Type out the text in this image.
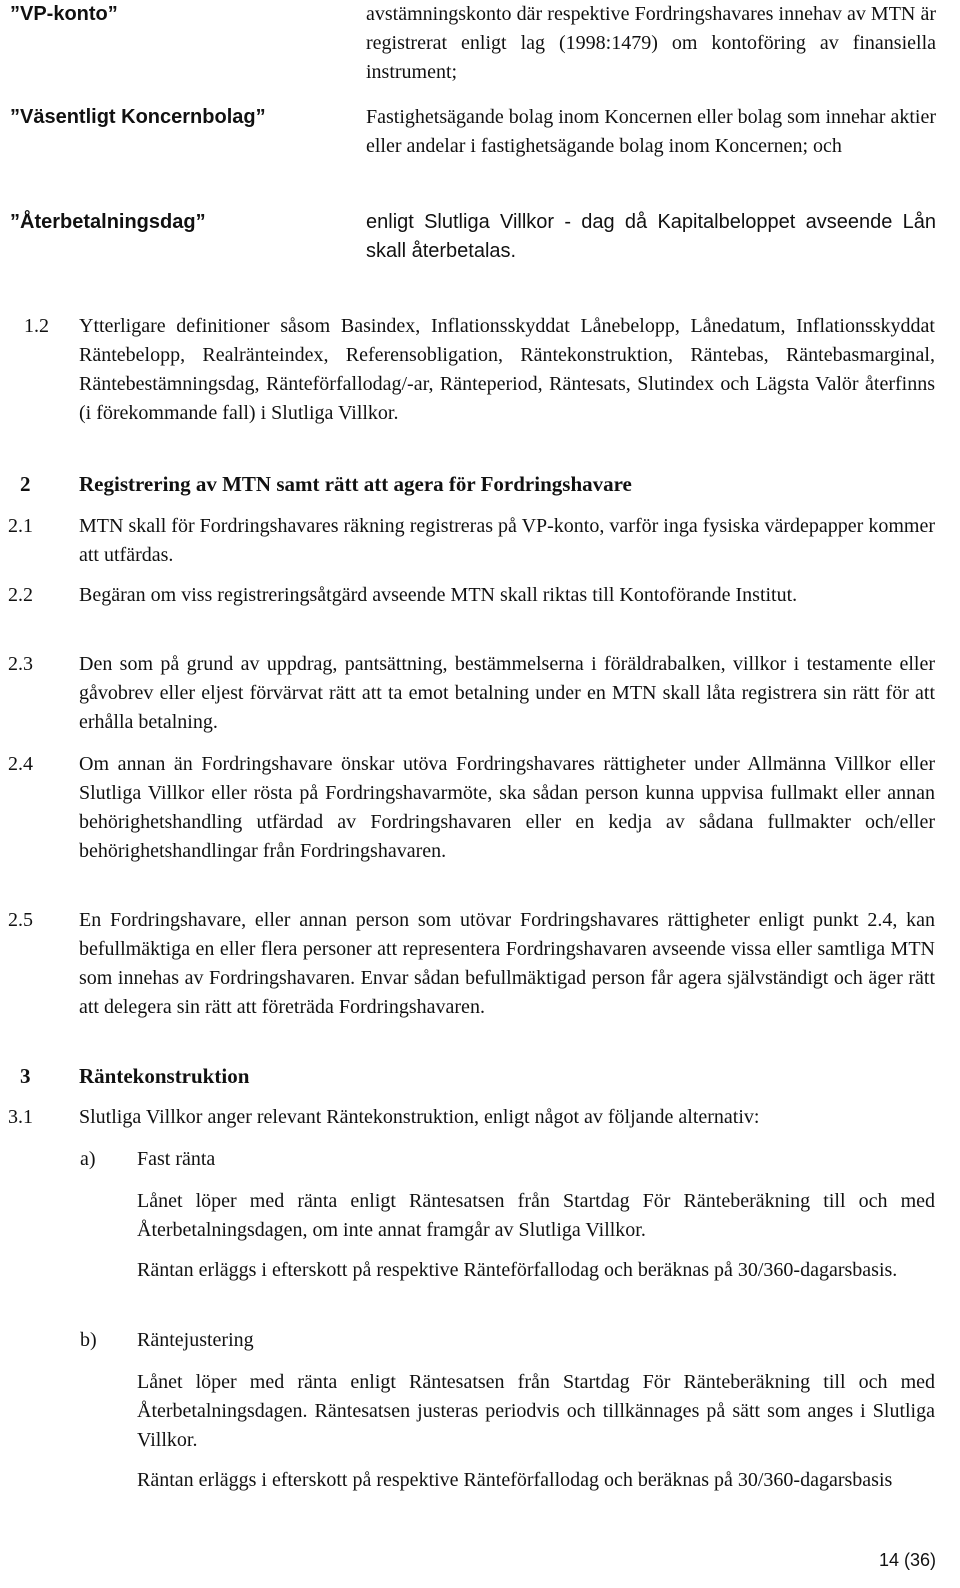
”VP-konto”	avstämningskonto där respektive Fordringshavares innehav av MTN är registrerat enligt lag (1998:1479) om kontoföring av finansiella instrument;
”Väsentligt Koncernbolag”	Fastighetsägande bolag inom Koncernen eller bolag som innehar aktier eller andelar i fastighetsägande bolag inom Koncernen; och
”Återbetalningsdag”	enligt Slutliga Villkor - dag då Kapitalbeloppet avseende Lån skall återbetalas.
1.2 Ytterligare definitioner såsom Basindex, Inflationsskyddat Lånebelopp, Lånedatum, Inflationsskyddat Räntebelopp, Realränteindex, Referensobligation, Räntekonstruktion, Räntebas, Räntebasmarginal, Räntebestämningsdag, Ränteförfallodag/-ar, Ränteperiod, Räntesats, Slutindex och Lägsta Valör återfinns (i förekommande fall) i Slutliga Villkor.
2 Registrering av MTN samt rätt att agera för Fordringshavare
2.1 MTN skall för Fordringshavares räkning registreras på VP-konto, varför inga fysiska värdepapper kommer att utfärdas.
2.2 Begäran om viss registreringsåtgärd avseende MTN skall riktas till Kontoförande Institut.
2.3 Den som på grund av uppdrag, pantsättning, bestämmelserna i föräldrabalken, villkor i testamente eller gåvobrev eller eljest förvärvat rätt att ta emot betalning under en MTN skall låta registrera sin rätt för att erhålla betalning.
2.4 Om annan än Fordringshavare önskar utöva Fordringshavares rättigheter under Allmänna Villkor eller Slutliga Villkor eller rösta på Fordringshavarmöte, ska sådan person kunna uppvisa fullmakt eller annan behörighetshandling utfärdad av Fordringshavaren eller en kedja av sådana fullmakter och/eller behörighetshandlingar från Fordringshavaren.
2.5 En Fordringshavare, eller annan person som utövar Fordringshavares rättigheter enligt punkt 2.4, kan befullmäktiga en eller flera personer att representera Fordringshavaren avseende vissa eller samtliga MTN som innehas av Fordringshavaren. Envar sådan befullmäktigad person får agera självständigt och äger rätt att delegera sin rätt att företräda Fordringshavaren.
3 Räntekonstruktion
3.1 Slutliga Villkor anger relevant Räntekonstruktion, enligt något av följande alternativ:
a) Fast ränta
Lånet löper med ränta enligt Räntesatsen från Startdag För Ränteberäkning till och med Återbetalningsdagen, om inte annat framgår av Slutliga Villkor.
Räntan erläggs i efterskott på respektive Ränteförfallodag och beräknas på 30/360-dagarsbasis.
b) Räntejustering
Lånet löper med ränta enligt Räntesatsen från Startdag För Ränteberäkning till och med Återbetalningsdagen. Räntesatsen justeras periodvis och tillkännages på sätt som anges i Slutliga Villkor.
Räntan erläggs i efterskott på respektive Ränteförfallodag och beräknas på 30/360-dagarsbasis
14 (36)
